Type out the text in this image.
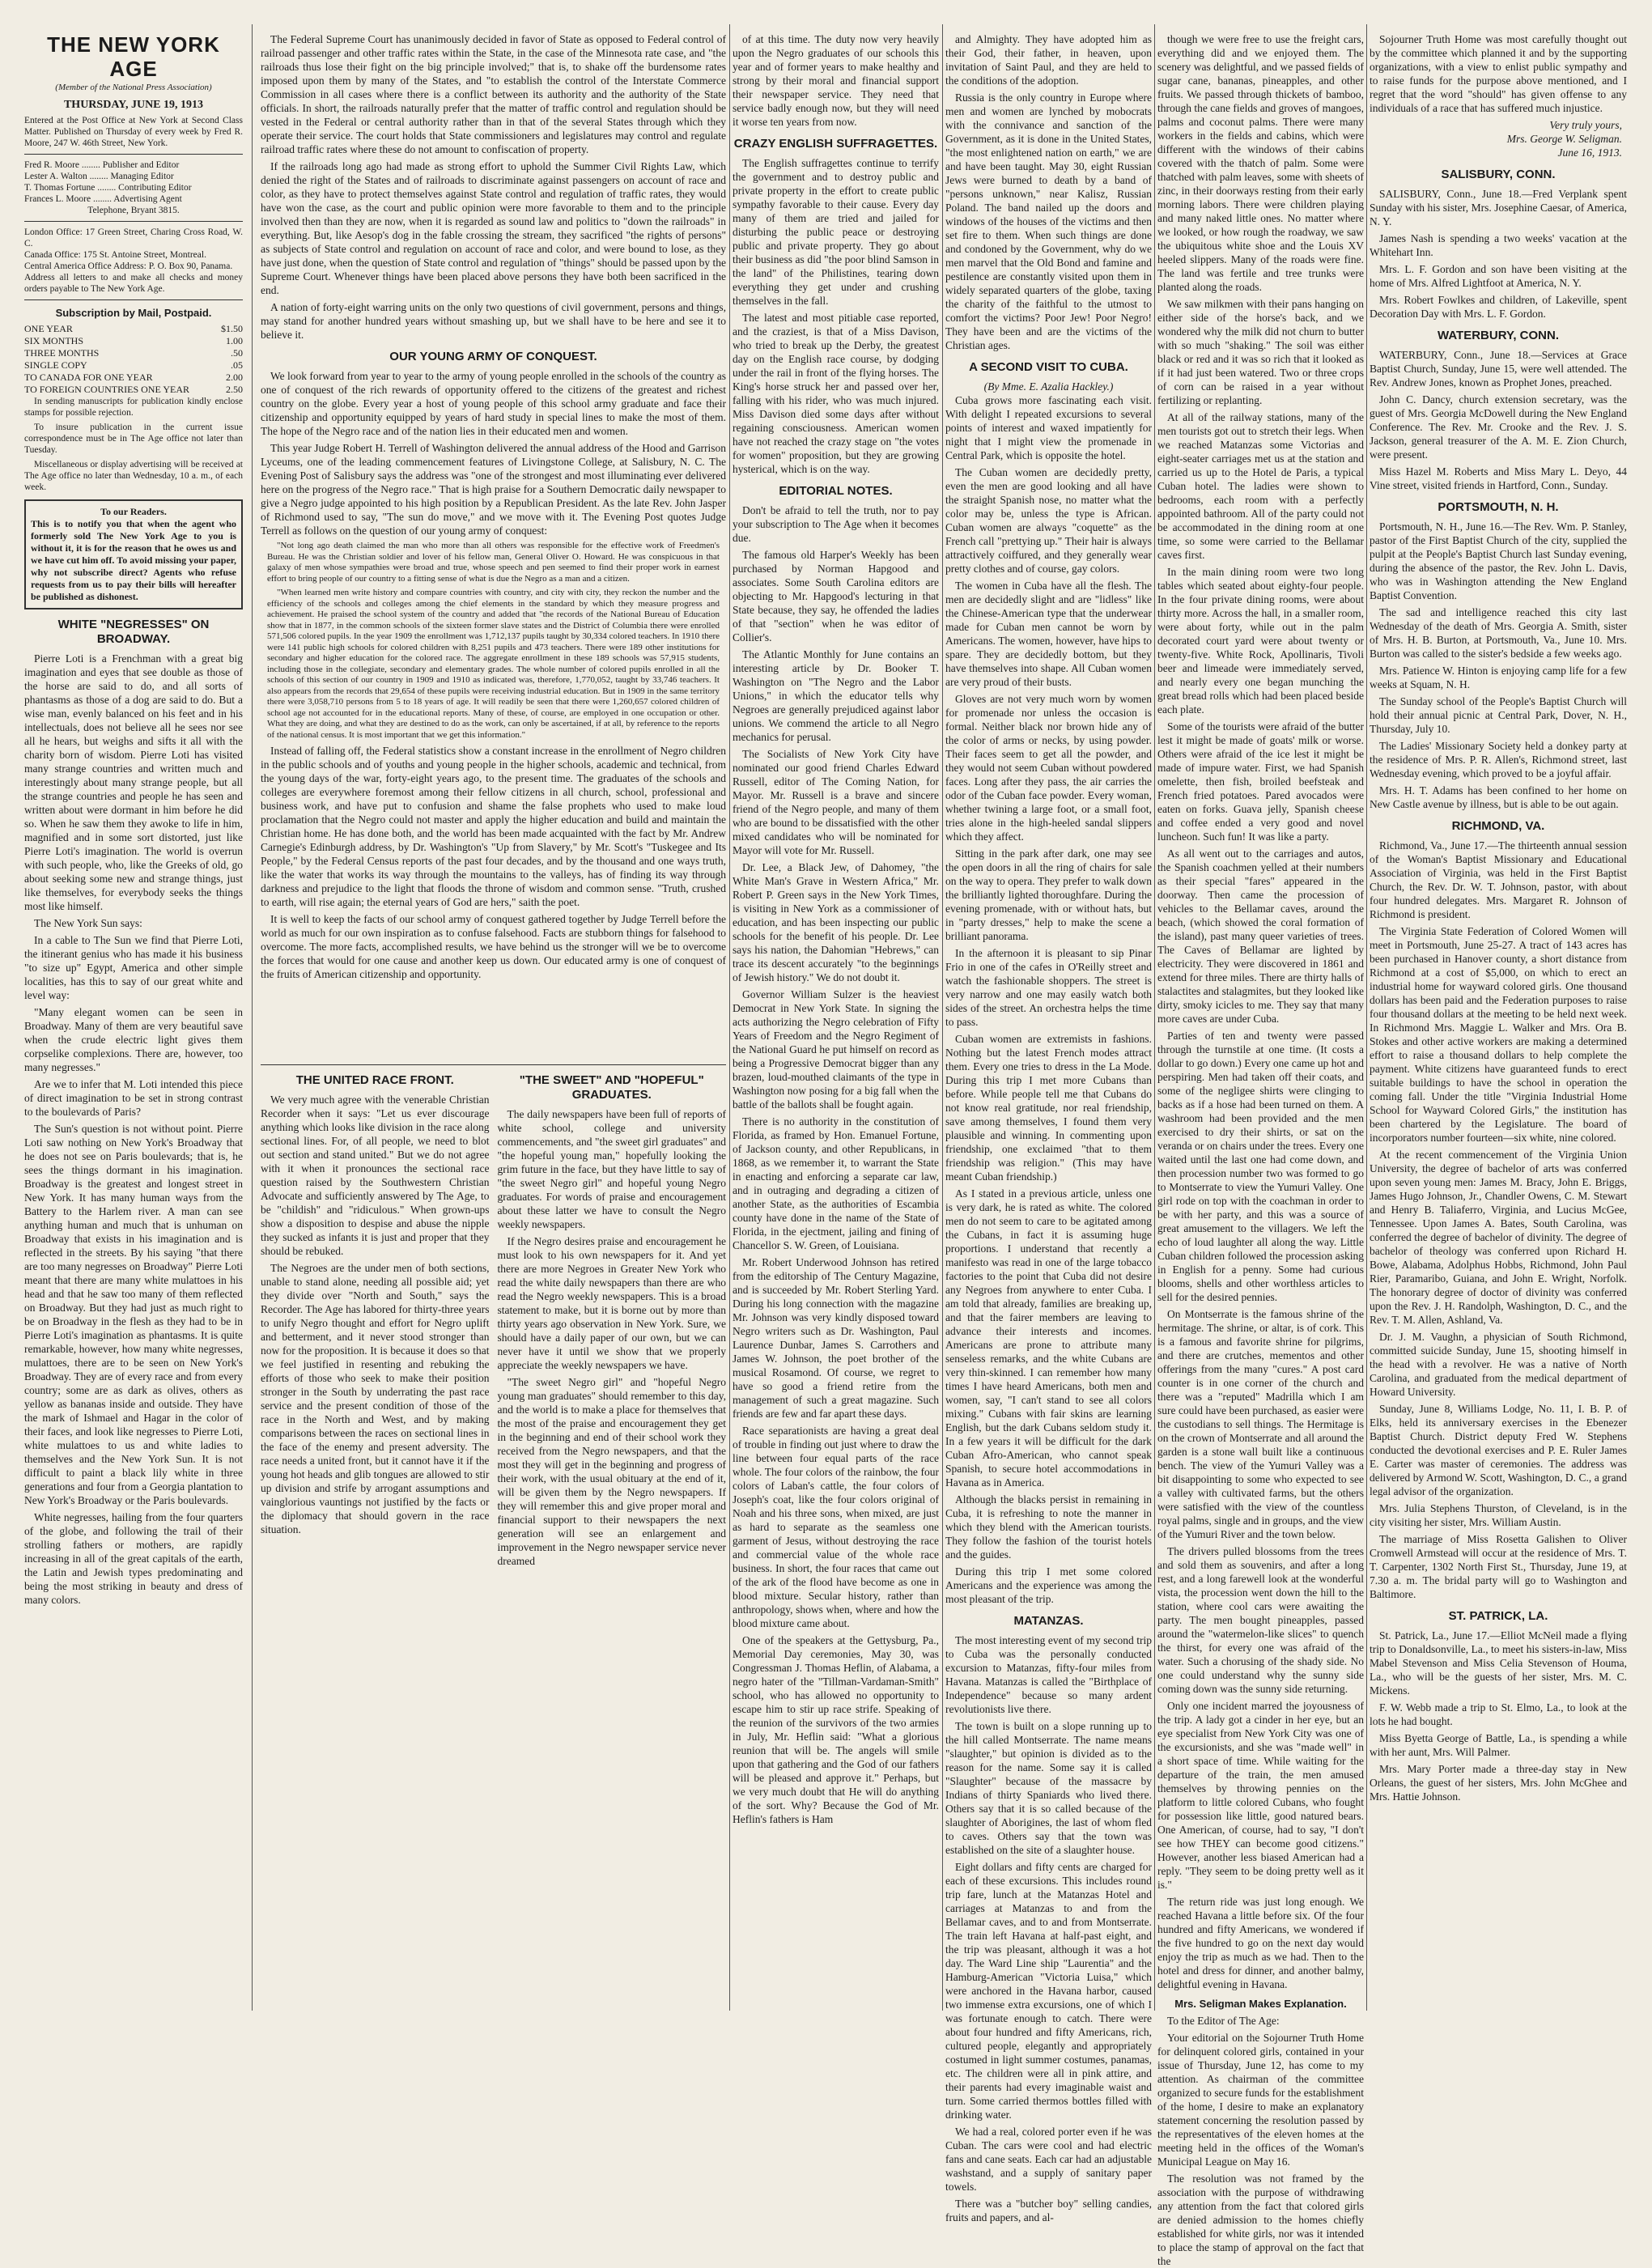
THE NEW YORK AGE
(Member of the National Press Association)
THURSDAY, JUNE 19, 1913
Entered at the Post Office at New York at Second Class Matter. Published on Thursday of every week by Fred R. Moore, 247 W. 46th Street, New York.
Fred R. Moore ........ Publisher and Editor
Lester A. Walton ........ Managing Editor
T. Thomas Fortune ........ Contributing Editor
Frances L. Moore ........ Advertising Agent
Telephone, Bryant 3815.
London Office: 17 Green Street, Charing Cross Road, W. C.
Canada Office: 175 St. Antoine Street, Montreal.
Central America Office Address: P. O. Box 90, Panama.
Address all letters to and make all checks and money orders payable to The New York Age.
Subscription by Mail, Postpaid.
ONE YEAR	$1.50
SIX MONTHS	1.00
THREE MONTHS	.50
SINGLE COPY	.05
TO CANADA FOR ONE YEAR	2.00
TO FOREIGN COUNTRIES ONE YEAR	2.50

In sending manuscripts for publication kindly enclose stamps for possible rejection.

To insure publication in the current issue correspondence must be in The Age office not later than Tuesday.

Miscellaneous or display advertising will be received at The Age office no later than Wednesday, 10 a. m., of each week.

To our Readers.
This is to notify you that when the agent who formerly sold The New York Age to you is without it, it is for the reason that he owes us and we have cut him off. To avoid missing your paper, why not subscribe direct? Agents who refuse requests from us to pay their bills will hereafter be published as dishonest.
WHITE "NEGRESSES" ON BROADWAY.

Pierre Loti is a Frenchman with a great big imagination and eyes that see double as those of the horse are said to do, and all sorts of phantasms as those of a dog are said to do. But a wise man, evenly balanced on his feet and in his intellectuals, does not believe all he sees nor see all he hears, but weighs and sifts it all with the charity born of wisdom. Pierre Loti has visited many strange countries and written much and interestingly about many strange people, but all the strange countries and people he has seen and written about were dormant in him before he did so. When he saw them they awoke to life in him, magnified and in some sort distorted, just like Pierre Loti's imagination. The world is overrun with such people, who, like the Greeks of old, go about seeking some new and strange things, just like themselves, for everybody seeks the things most like himself.

The New York Sun says:

In a cable to The Sun we find that Pierre Loti, the itinerant genius who has made it his business "to size up" Egypt, America and other simple localities, has this to say of our great white and level way:

"Many elegant women can be seen in Broadway. Many of them are very beautiful save when the crude electric light gives them corpselike complexions. There are, however, too many negresses."

Are we to infer that M. Loti intended this piece of direct imagination to be set in strong contrast to the boulevards of Paris?

The Sun's question is not without point. Pierre Loti saw nothing on New York's Broadway that he does not see on Paris boulevards; that is, he sees the things dormant in his imagination. Broadway is the greatest and longest street in New York. It has many human ways from the Battery to the Harlem river. A man can see anything human and much that is unhuman on Broadway that exists in his imagination and is reflected in the streets. By his saying "that there are too many negresses on Broadway" Pierre Loti meant that there are many white mulattoes in his head and that he saw too many of them reflected on Broadway. But they had just as much right to be on Broadway in the flesh as they had to be in Pierre Loti's imagination as phantasms. It is quite remarkable, however, how many white negresses, mulattoes, there are to be seen on New York's Broadway. They are of every race and from every country; some are as dark as olives, others as yellow as bananas inside and outside. They have the mark of Ishmael and Hagar in the color of their faces, and look like negresses to Pierre Loti, white mulattoes to us and white ladies to themselves and the New York Sun. It is not difficult to paint a black lily white in three generations and four from a Georgia plantation to New York's Broadway or the Paris boulevards.

White negresses, hailing from the four quarters of the globe, and following the trail of their strolling fathers or mothers, are rapidly increasing in all of the great capitals of the earth, the Latin and Jewish types predominating and being the most striking in beauty and dress of many colors.

The Federal Supreme Court has unanimously decided in favor of State as opposed to Federal control of railroad passenger and other traffic rates within the State, in the case of the Minnesota rate case, and "the railroads thus lose their fight on the big principle involved;" that is, to shake off the burdensome rates imposed upon them by many of the States, and "to establish the control of the Interstate Commerce Commission in all cases where there is a conflict between its authority and the authority of the State officials. In short, the railroads naturally prefer that the matter of traffic control and regulation should be vested in the Federal or central authority rather than in that of the several States through which they operate their service. The court holds that State commissioners and legislatures may control and regulate railroad traffic rates where these do not amount to confiscation of property.

If the railroads long ago had made as strong effort to uphold the Summer Civil Rights Law, which denied the right of the States and of railroads to discriminate against passengers on account of race and color, as they have to protect themselves against State control and regulation of traffic rates, they would have won the case, as the court and public opinion were more favorable to them and to the principle involved then than they are now, when it is regarded as sound law and politics to "down the railroads" in everything. But, like Aesop's dog in the fable crossing the stream, they sacrificed "the rights of persons" as subjects of State control and regulation on account of race and color, and were bound to lose, as they have just done, when the question of State control and regulation of "things" should be passed upon by the Supreme Court. Whenever things have been placed above persons they have both been sacrificed in the end.

A nation of forty-eight warring units on the only two questions of civil government, persons and things, may stand for another hundred years without smashing up, but we shall have to be here and see it to believe it.

OUR YOUNG ARMY OF CONQUEST.

We look forward from year to year to the army of young people enrolled in the schools of the country as one of conquest of the rich rewards of opportunity offered to the citizens of the greatest and richest country on the globe. Every year a host of young people of this school army graduate and face their citizenship and opportunity equipped by years of hard study in special lines to make the most of them. The hope of the Negro race and of the nation lies in their educated men and women.

This year Judge Robert H. Terrell of Washington delivered the annual address of the Hood and Garrison Lyceums, one of the leading commencement features of Livingstone College, at Salisbury, N. C. The Evening Post of Salisbury says the address was "one of the strongest and most illuminating ever delivered here on the progress of the Negro race." That is high praise for a Southern Democratic daily newspaper to give a Negro judge appointed to his high position by a Republican President. As the late Rev. John Jasper of Richmond used to say, "The sun do move," and we move with it. The Evening Post quotes Judge Terrell as follows on the question of our young army of conquest:

"Not long ago death claimed the man who more than all others was responsible for the effective work of Freedmen's Bureau. He was the Christian soldier and lover of his fellow man, General Oliver O. Howard. He was conspicuous in that galaxy of men whose sympathies were broad and true, whose speech and pen seemed to find their proper work in earnest effort to bring people of our country to a fitting sense of what is due the Negro as a man and a citizen.

"When learned men write history and compare countries with country, and city with city, they reckon the number and the efficiency of the schools and colleges among the chief elements in the standard by which they measure progress and achievement. He praised the school system of the country and added that "the records of the National Bureau of Education show that in 1877, in the common schools of the sixteen former slave states and the District of Columbia there were enrolled 571,506 colored pupils. In the year 1909 the enrollment was 1,712,137 pupils taught by 30,334 colored teachers. In 1910 there were 141 public high schools for colored children with 8,251 pupils and 473 teachers. There were 189 other institutions for secondary and higher education for the colored race. The aggregate enrollment in these 189 schools was 57,915 students, including those in the collegiate, secondary and elementary grades. The whole number of colored pupils enrolled in all the schools of this section of our country in 1909 and 1910 as indicated was, therefore, 1,770,052, taught by 33,746 teachers. It also appears from the records that 29,654 of these pupils were receiving industrial education. But in 1909 in the same territory there were 3,058,710 persons from 5 to 18 years of age. It will readily be seen that there were 1,260,657 colored children of school age not accounted for in the educational reports. Many of these, of course, are employed in one occupation or other. What they are doing, and what they are destined to do as the work, can only be ascertained, if at all, by reference to the reports of the national census. It is most important that we get this information."

Instead of falling off, the Federal statistics show a constant increase in the enrollment of Negro children in the public schools and of youths and young people in the higher schools, academic and technical, from the young days of the war, forty-eight years ago, to the present time. The graduates of the schools and colleges are everywhere foremost among their fellow citizens in all church, school, professional and business work, and have put to confusion and shame the false prophets who used to make loud proclamation that the Negro could not master and apply the higher education and build and maintain the Christian home. He has done both, and the world has been made acquainted with the fact by Mr. Andrew Carnegie's Edinburgh address, by Dr. Washington's "Up from Slavery," by Mr. Scott's "Tuskegee and Its People," by the Federal Census reports of the past four decades, and by the thousand and one ways truth, like the water that works its way through the mountains to the valleys, has of finding its way through darkness and prejudice to the light that floods the throne of wisdom and common sense. "Truth, crushed to earth, will rise again; the eternal years of God are hers," saith the poet.

It is well to keep the facts of our school army of conquest gathered together by Judge Terrell before the world as much for our own inspiration as to confuse falsehood. Facts are stubborn things for falsehood to overcome. The more facts, accomplished results, we have behind us the stronger will we be to overcome the forces that would for one cause and another keep us down. Our educated army is one of conquest of the fruits of American citizenship and opportunity.

THE UNITED RACE FRONT.

We very much agree with the venerable Christian Recorder when it says: "Let us ever discourage anything which looks like division in the race along sectional lines. For, of all people, we need to blot out section and stand united." But we do not agree with it when it pronounces the sectional race question raised by the Southwestern Christian Advocate and sufficiently answered by The Age, to be "childish" and "ridiculous." When grown-ups show a disposition to despise and abuse the nipple they sucked as infants it is just and proper that they should be rebuked.

The Negroes are the under men of both sections, unable to stand alone, needing all possible aid; yet they divide over "North and South," says the Recorder. The Age has labored for thirty-three years to unify Negro thought and effort for Negro uplift and betterment, and it never stood stronger than now for the proposition. It is because it does so that we feel justified in resenting and rebuking the efforts of those who seek to make their position stronger in the South by underrating the past race service and the present condition of those of the race in the North and West, and by making comparisons between the races on sectional lines in the face of the enemy and present adversity. The race needs a united front, but it cannot have it if the young hot heads and glib tongues are allowed to stir up division and strife by arrogant assumptions and vainglorious vauntings not justified by the facts or the diplomacy that should govern in the race situation.

"THE SWEET" AND "HOPEFUL" GRADUATES.

The daily newspapers have been full of reports of white school, college and university commencements, and "the sweet girl graduates" and "the hopeful young man," hopefully looking the grim future in the face, but they have little to say of "the sweet Negro girl" and hopeful young Negro graduates. For words of praise and encouragement about these latter we have to consult the Negro weekly newspapers.

If the Negro desires praise and encouragement he must look to his own newspapers for it. And yet there are more Negroes in Greater New York who read the white daily newspapers than there are who read the Negro weekly newspapers. This is a broad statement to make, but it is borne out by more than thirty years ago observation in New York. Sure, we should have a daily paper of our own, but we can never have it until we show that we properly appreciate the weekly newspapers we have.

"The sweet Negro girl" and "hopeful Negro young man graduates" should remember to this day, and the world is to make a place for themselves that the most of the praise and encouragement they get in the beginning and end of their school work they received from the Negro newspapers, and that the most they will get in the beginning and progress of their work, with the usual obituary at the end of it, will be given them by the Negro newspapers. If they will remember this and give proper moral and financial support to their newspapers the next generation will see an enlargement and improvement in the Negro newspaper service never dreamed

of at this time. The duty now very heavily upon the Negro graduates of our schools this year and of former years to make healthy and strong by their moral and financial support their newspaper service. They need that service badly enough now, but they will need it worse ten years from now.

CRAZY ENGLISH SUFFRAGETTES.

The English suffragettes continue to terrify the government and to destroy public and private property in the effort to create public sympathy favorable to their cause. Every day many of them are tried and jailed for disturbing the public peace or destroying public and private property. They go about their business as did "the poor blind Samson in the land" of the Philistines, tearing down everything they get under and crushing themselves in the fall.

The latest and most pitiable case reported, and the craziest, is that of a Miss Davison, who tried to break up the Derby, the greatest day on the English race course, by dodging under the rail in front of the flying horses. The King's horse struck her and passed over her, falling with his rider, who was much injured. Miss Davison died some days after without regaining consciousness. American women have not reached the crazy stage on "the votes for women" proposition, but they are growing hysterical, which is on the way.

EDITORIAL NOTES.

Don't be afraid to tell the truth, nor to pay your subscription to The Age when it becomes due.

The famous old Harper's Weekly has been purchased by Norman Hapgood and associates. Some South Carolina editors are objecting to Mr. Hapgood's lecturing in that State because, they say, he offended the ladies of that "section" when he was editor of Collier's.

The Atlantic Monthly for June contains an interesting article by Dr. Booker T. Washington on "The Negro and the Labor Unions," in which the educator tells why Negroes are generally prejudiced against labor unions. We commend the article to all Negro mechanics for perusal.

The Socialists of New York City have nominated our good friend Charles Edward Russell, editor of The Coming Nation, for Mayor. Mr. Russell is a brave and sincere friend of the Negro people, and many of them who are bound to be dissatisfied with the other mixed candidates who will be nominated for Mayor will vote for Mr. Russell.

Dr. Lee, a Black Jew, of Dahomey, "the White Man's Grave in Western Africa," Mr. Robert P. Green says in the New York Times, is visiting in New York as a commissioner of education, and has been inspecting our public schools for the benefit of his people. Dr. Lee says his nation, the Dahomian "Hebrews," can trace its descent accurately "to the beginnings of Jewish history." We do not doubt it.

Governor William Sulzer is the heaviest Democrat in New York State. In signing the acts authorizing the Negro celebration of Fifty Years of Freedom and the Negro Regiment of the National Guard he put himself on record as being a Progressive Democrat bigger than any brazen, loud-mouthed claimants of the type in Washington now posing for a big fall when the battle of the ballots shall be fought again.

There is no authority in the constitution of Florida, as framed by Hon. Emanuel Fortune, of Jackson county, and other Republicans, in 1868, as we remember it, to warrant the State in enacting and enforcing a separate car law, and in outraging and degrading a citizen of another State, as the authorities of Escambia county have done in the name of the State of Florida, in the ejectment, jailing and fining of Chancellor S. W. Green, of Louisiana.

Mr. Robert Underwood Johnson has retired from the editorship of The Century Magazine, and is succeeded by Mr. Robert Sterling Yard. During his long connection with the magazine Mr. Johnson was very kindly disposed toward Negro writers such as Dr. Washington, Paul Laurence Dunbar, James S. Carrothers and James W. Johnson, the poet brother of the musical Rosamond. Of course, we regret to have so good a friend retire from the management of such a great magazine. Such friends are few and far apart these days.

Race separationists are having a great deal of trouble in finding out just where to draw the line between four equal parts of the race whole. The four colors of the rainbow, the four colors of Laban's cattle, the four colors of Joseph's coat, like the four colors original of Noah and his three sons, when mixed, are just as hard to separate as the seamless one garment of Jesus, without destroying the race and commercial value of the whole race business. In short, the four races that came out of the ark of the flood have become as one in blood mixture. Secular history, rather than anthropology, shows when, where and how the blood mixture came about.

One of the speakers at the Gettysburg, Pa., Memorial Day ceremonies, May 30, was Congressman J. Thomas Heflin, of Alabama, a negro hater of the "Tillman-Vardaman-Smith" school, who has allowed no opportunity to escape him to stir up race strife. Speaking of the reunion of the survivors of the two armies in July, Mr. Heflin said: "What a glorious reunion that will be. The angels will smile upon that gathering and the God of our fathers will be pleased and approve it." Perhaps, but we very much doubt that He will do anything of the sort. Why? Because the God of Mr. Heflin's fathers is Ham

and Almighty. They have adopted him as their God, their father, in heaven, upon invitation of Saint Paul, and they are held to the conditions of the adoption.

Russia is the only country in Europe where men and women are lynched by mobocrats with the connivance and sanction of the Government, as it is done in the United States, "the most enlightened nation on earth," we are and have been taught. May 30, eight Russian Jews were burned to death by a band of "persons unknown," near Kalisz, Russian Poland. The band nailed up the doors and windows of the houses of the victims and then set fire to them. When such things are done and condoned by the Government, why do we men marvel that the Old Bond and famine and pestilence are constantly visited upon them in widely separated quarters of the globe, taxing the charity of the faithful to the utmost to comfort the victims? Poor Jew! Poor Negro! They have been and are the victims of the Christian ages.

A SECOND VISIT TO CUBA.
(By Mme. E. Azalia Hackley.)

Cuba grows more fascinating each visit. With delight I repeated excursions to several points of interest and waxed impatiently for night that I might view the promenade in Central Park, which is opposite the hotel.

The Cuban women are decidedly pretty, even the men are good looking and all have the straight Spanish nose, no matter what the color may be, unless the type is African. Cuban women are always "coquette" as the French call "prettying up." Their hair is always attractively coiffured, and they generally wear pretty clothes and of course, gay colors.

The women in Cuba have all the flesh. The men are decidedly slight and are "lidless" like the Chinese-American type that the underwear made for Cuban men cannot be worn by Americans. The women, however, have hips to spare. They are decidedly bottom, but they have themselves into shape. All Cuban women are very proud of their busts.

Gloves are not very much worn by women for promenade nor unless the occasion is formal. Neither black nor brown hide any of the color of arms or necks, by using powder. Their faces seem to get all the powder, and they would not seem Cuban without powdered faces. Long after they pass, the air carries the odor of the Cuban face powder. Every woman, whether twining a large foot, or a small foot, tries alone in the high-heeled sandal slippers which they affect.

Sitting in the park after dark, one may see the open doors in all the ring of chairs for sale on the way to opera. They prefer to walk down the brilliantly lighted thoroughfare. During the evening promenade, with or without hats, but in "party dresses," help to make the scene a brilliant panorama.

In the afternoon it is pleasant to sip Pinar Frio in one of the cafes in O'Reilly street and watch the fashionable shoppers. The street is very narrow and one may easily watch both sides of the street. An orchestra helps the time to pass.

Cuban women are extremists in fashions. Nothing but the latest French modes attract them. Every one tries to dress in the La Mode. During this trip I met more Cubans than before. While people tell me that Cubans do not know real gratitude, nor real friendship, save among themselves, I found them very plausible and winning. In commenting upon friendship, one exclaimed "that to them friendship was religion." (This may have meant Cuban friendship.)

As I stated in a previous article, unless one is very dark, he is rated as white. The colored men do not seem to care to be agitated among the Cubans, in fact it is assuming huge proportions. I understand that recently a manifesto was read in one of the large tobacco factories to the point that Cuba did not desire any Negroes from anywhere to enter Cuba. I am told that already, families are breaking up, and that the fairer members are leaving to advance their interests and incomes. Americans are prone to attribute many senseless remarks, and the white Cubans are very thin-skinned. I can remember how many times I have heard Americans, both men and women, say, "I can't stand to see all colors mixing." Cubans with fair skins are learning English, but the dark Cubans seldom study it. In a few years it will be difficult for the dark Cuban Afro-American, who cannot speak Spanish, to secure hotel accommodations in Havana as in America.

Although the blacks persist in remaining in Cuba, it is refreshing to note the manner in which they blend with the American tourists. They follow the fashion of the tourist hotels and the guides.

During this trip I met some colored Americans and the experience was among the most pleasant of the trip.

MATANZAS.

The most interesting event of my second trip to Cuba was the personally conducted excursion to Matanzas, fifty-four miles from Havana. Matanzas is called the "Birthplace of Independence" because so many ardent revolutionists live there.

The town is built on a slope running up to the hill called Montserrate. The name means "slaughter," but opinion is divided as to the reason for the name. Some say it is called "Slaughter" because of the massacre by Indians of thirty Spaniards who lived there. Others say that it is so called because of the slaughter of Aborigines, the last of whom fled to caves. Others say that the town was established on the site of a slaughter house.

Eight dollars and fifty cents are charged for each of these excursions. This includes round trip fare, lunch at the Matanzas Hotel and carriages at Matanzas to and from the Bellamar caves, and to and from Montserrate. The train left Havana at half-past eight, and the trip was pleasant, although it was a hot day. The Ward Line ship "Laurentia" and the Hamburg-American "Victoria Luisa," which were anchored in the Havana harbor, caused two immense extra excursions, one of which I was fortunate enough to catch. There were about four hundred and fifty Americans, rich, cultured people, elegantly and appropriately costumed in light summer costumes, panamas, etc. The children were all in pink attire, and their parents had every imaginable waist and turn. Some carried thermos bottles filled with drinking water.

We had a real, colored porter even if he was Cuban. The cars were cool and had electric fans and cane seats. Each car had an adjustable washstand, and a supply of sanitary paper towels.

There was a "butcher boy" selling candies, fruits and papers, and al-

though we were free to use the freight cars, everything did and we enjoyed them. The scenery was delightful, and we passed fields of sugar cane, bananas, pineapples, and other fruits. We passed through thickets of bamboo, through the cane fields and groves of mangoes, palms and coconut palms. There were many workers in the fields and cabins, which were different with the windows of their cabins covered with the thatch of palm. Some were thatched with palm leaves, some with sheets of zinc, in their doorways resting from their early morning labors. There were children playing and many naked little ones. No matter where we looked, or how rough the roadway, we saw the ubiquitous white shoe and the Louis XV heeled slippers. Many of the roads were fine. The land was fertile and tree trunks were planted along the roads.

We saw milkmen with their pans hanging on either side of the horse's back, and we wondered why the milk did not churn to butter with so much "shaking." The soil was either black or red and it was so rich that it looked as if it had just been watered. Two or three crops of corn can be raised in a year without fertilizing or replanting.

At all of the railway stations, many of the men tourists got out to stretch their legs. When we reached Matanzas some Victorias and eight-seater carriages met us at the station and carried us up to the Hotel de Paris, a typical Cuban hotel. The ladies were shown to bedrooms, each room with a perfectly appointed bathroom. All of the party could not be accommodated in the dining room at one time, so some were carried to the Bellamar caves first.

In the main dining room were two long tables which seated about eighty-four people. In the four private dining rooms, were about thirty more. Across the hall, in a smaller room, were about forty, while out in the palm decorated court yard were about twenty or twenty-five. White Rock, Apollinaris, Tivoli beer and limeade were immediately served, and nearly every one began munching the great bread rolls which had been placed beside each plate.

Some of the tourists were afraid of the butter lest it might be made of goats' milk or worse. Others were afraid of the ice lest it might be made of impure water. First, we had Spanish omelette, then fish, broiled beefsteak and French fried potatoes. Pared avocados were eaten on forks. Guava jelly, Spanish cheese and coffee ended a very good and novel luncheon. Such fun! It was like a party.

As all went out to the carriages and autos, the Spanish coachmen yelled at their numbers as their special "fares" appeared in the doorway. Then came the procession of vehicles to the Bellamar caves, around the beach, (which showed the coral formation of the island), past many queer varieties of trees. The Caves of Bellamar are lighted by electricity. They were discovered in 1861 and extend for three miles. There are thirty halls of stalactites and stalagmites, but they looked like dirty, smoky icicles to me. They say that many more caves are under Cuba.

Parties of ten and twenty were passed through the turnstile at one time. (It costs a dollar to go down.) Every one came up hot and perspiring. Men had taken off their coats, and some of the negligee shirts were clinging to backs as if a hose had been turned on them. A washroom had been provided and the men exercised to dry their shirts, or sat on the veranda or on chairs under the trees. Every one waited until the last one had come down, and then procession number two was formed to go to Montserrate to view the Yumuri Valley. One girl rode on top with the coachman in order to be with her party, and this was a source of great amusement to the villagers. We left the echo of loud laughter all along the way. Little Cuban children followed the procession asking in English for a penny. Some had curious blooms, shells and other worthless articles to sell for the desired pennies.

On Montserrate is the famous shrine of the hermitage. The shrine, or altar, is of cork. This is a famous and favorite shrine for pilgrims, and there are crutches, mementos and other offerings from the many "cures." A post card counter is in one corner of the church and there was a "reputed" Madrilla which I am sure could have been purchased, as easier were the custodians to sell things. The Hermitage is on the crown of Montserrate and all around the garden is a stone wall built like a continuous bench. The view of the Yumuri Valley was a bit disappointing to some who expected to see a valley with cultivated farms, but the others were satisfied with the view of the countless royal palms, single and in groups, and the view of the Yumuri River and the town below.

The drivers pulled blossoms from the trees and sold them as souvenirs, and after a long rest, and a long farewell look at the wonderful vista, the procession went down the hill to the station, where cool cars were awaiting the party. The men bought pineapples, passed around the "watermelon-like slices" to quench the thirst, for every one was afraid of the water. Such a chorusing of the shady side. No one could understand why the sunny side coming down was the sunny side returning.

Only one incident marred the joyousness of the trip. A lady got a cinder in her eye, but an eye specialist from New York City was one of the excursionists, and she was "made well" in a short space of time. While waiting for the departure of the train, the men amused themselves by throwing pennies on the platform to little colored Cubans, who fought for possession like little, good natured bears. One American, of course, had to say, "I don't see how THEY can become good citizens." However, another less biased American had a reply. "They seem to be doing pretty well as it is."

The return ride was just long enough. We reached Havana a little before six. Of the four hundred and fifty Americans, we wondered if the five hundred to go on the next day would enjoy the trip as much as we had. Then to the hotel and dress for dinner, and another balmy, delightful evening in Havana.

Mrs. Seligman Makes Explanation.

To the Editor of The Age:

Your editorial on the Sojourner Truth Home for delinquent colored girls, contained in your issue of Thursday, June 12, has come to my attention. As chairman of the committee organized to secure funds for the establishment of the home, I desire to make an explanatory statement concerning the resolution passed by the representatives of the eleven homes at the meeting held in the offices of the Woman's Municipal League on May 16.

The resolution was not framed by the association with the purpose of withdrawing any attention from the fact that colored girls are denied admission to the homes chiefly established for white girls, nor was it intended to place the stamp of approval on the fact that the

Sojourner Truth Home was most carefully thought out by the committee which planned it and by the supporting organizations, with a view to enlist public sympathy and to raise funds for the purpose above mentioned, and I regret that the word "should" has given offense to any individuals of a race that has suffered much injustice.

Very truly yours,
Mrs. George W. Seligman.
June 16, 1913.
SALISBURY, CONN.

SALISBURY, Conn., June 18.—Fred Verplank spent Sunday with his sister, Mrs. Josephine Caesar, of America, N. Y.

James Nash is spending a two weeks' vacation at the Whitehart Inn.

Mrs. L. F. Gordon and son have been visiting at the home of Mrs. Alfred Lightfoot at America, N. Y.

Mrs. Robert Fowlkes and children, of Lakeville, spent Decoration Day with Mrs. L. F. Gordon.

WATERBURY, CONN.

WATERBURY, Conn., June 18.—Services at Grace Baptist Church, Sunday, June 15, were well attended. The Rev. Andrew Jones, known as Prophet Jones, preached.

John C. Dancy, church extension secretary, was the guest of Mrs. Georgia McDowell during the New England Conference. The Rev. Mr. Crooke and the Rev. J. S. Jackson, general treasurer of the A. M. E. Zion Church, were present.

Miss Hazel M. Roberts and Miss Mary L. Deyo, 44 Vine street, visited friends in Hartford, Conn., Sunday.

PORTSMOUTH, N. H.

Portsmouth, N. H., June 16.—The Rev. Wm. P. Stanley, pastor of the First Baptist Church of the city, supplied the pulpit at the People's Baptist Church last Sunday evening, during the absence of the pastor, the Rev. John L. Davis, who was in Washington attending the New England Baptist Convention.

The sad and intelligence reached this city last Wednesday of the death of Mrs. Georgia A. Smith, sister of Mrs. H. B. Burton, at Portsmouth, Va., June 10. Mrs. Burton was called to the sister's bedside a few weeks ago.

Mrs. Patience W. Hinton is enjoying camp life for a few weeks at Squam, N. H.

The Sunday school of the People's Baptist Church will hold their annual picnic at Central Park, Dover, N. H., Thursday, July 10.

The Ladies' Missionary Society held a donkey party at the residence of Mrs. P. R. Allen's, Richmond street, last Wednesday evening, which proved to be a joyful affair.

Mrs. H. T. Adams has been confined to her home on New Castle avenue by illness, but is able to be out again.

RICHMOND, VA.

Richmond, Va., June 17.—The thirteenth annual session of the Woman's Baptist Missionary and Educational Association of Virginia, was held in the First Baptist Church, the Rev. Dr. W. T. Johnson, pastor, with about four hundred delegates. Mrs. Margaret R. Johnson of Richmond is president.

The Virginia State Federation of Colored Women will meet in Portsmouth, June 25-27. A tract of 143 acres has been purchased in Hanover county, a short distance from Richmond at a cost of $5,000, on which to erect an industrial home for wayward colored girls. One thousand dollars has been paid and the Federation purposes to raise four thousand dollars at the meeting to be held next week. In Richmond Mrs. Maggie L. Walker and Mrs. Ora B. Stokes and other active workers are making a determined effort to raise a thousand dollars to help complete the payment. White citizens have guaranteed funds to erect suitable buildings to have the school in operation the coming fall. Under the title "Virginia Industrial Home School for Wayward Colored Girls," the institution has been chartered by the Legislature. The board of incorporators number fourteen—six white, nine colored.

At the recent commencement of the Virginia Union University, the degree of bachelor of arts was conferred upon seven young men: James M. Bracy, John E. Briggs, James Hugo Johnson, Jr., Chandler Owens, C. M. Stewart and Henry B. Taliaferro, Virginia, and Lucius McGee, Tennessee. Upon James A. Bates, South Carolina, was conferred the degree of bachelor of divinity. The degree of bachelor of theology was conferred upon Richard H. Bowe, Alabama, Adolphus Hobbs, Richmond, John Paul Rier, Paramaribo, Guiana, and John E. Wright, Norfolk. The honorary degree of doctor of divinity was conferred upon the Rev. J. H. Randolph, Washington, D. C., and the Rev. T. M. Allen, Ashland, Va.

Dr. J. M. Vaughn, a physician of South Richmond, committed suicide Sunday, June 15, shooting himself in the head with a revolver. He was a native of North Carolina, and graduated from the medical department of Howard University.

Sunday, June 8, Williams Lodge, No. 11, I. B. P. of Elks, held its anniversary exercises in the Ebenezer Baptist Church. District deputy Fred W. Stephens conducted the devotional exercises and P. E. Ruler James E. Carter was master of ceremonies. The address was delivered by Armond W. Scott, Washington, D. C., a grand legal advisor of the organization.

Mrs. Julia Stephens Thurston, of Cleveland, is in the city visiting her sister, Mrs. William Austin.

The marriage of Miss Rosetta Galishen to Oliver Cromwell Armstead will occur at the residence of Mrs. T. T. Carpenter, 1302 North First St., Thursday, June 19, at 7.30 a. m. The bridal party will go to Washington and Baltimore.

ST. PATRICK, LA.

St. Patrick, La., June 17.—Elliot McNeil made a flying trip to Donaldsonville, La., to meet his sisters-in-law, Miss Mabel Stevenson and Miss Celia Stevenson of Houma, La., who will be the guests of her sister, Mrs. M. C. Mickens.

F. W. Webb made a trip to St. Elmo, La., to look at the lots he had bought.

Miss Byetta George of Battle, La., is spending a while with her aunt, Mrs. Will Palmer.

Mrs. Mary Porter made a three-day stay in New Orleans, the guest of her sisters, Mrs. John McGhee and Mrs. Hattie Johnson.
